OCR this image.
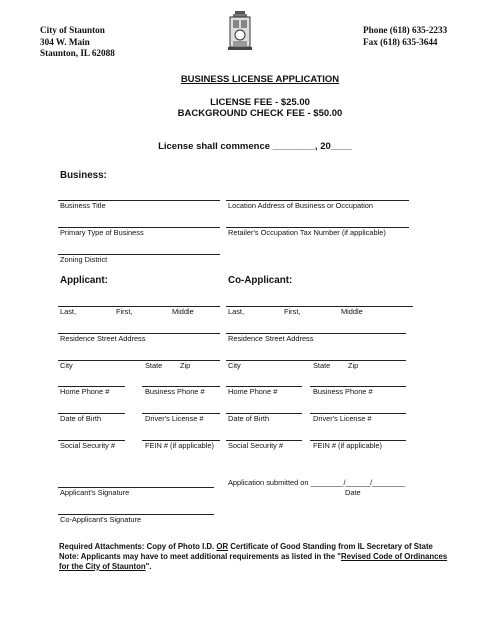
City of Staunton
304 W. Main
Staunton, IL 62088
Phone (618) 635-2233
Fax (618) 635-3644
BUSINESS LICENSE APPLICATION
LICENSE FEE - $25.00
BACKGROUND CHECK FEE - $50.00
License shall commence ________, 20____
Business:
Business Title	Location Address of Business or Occupation
Primary Type of Business	Retailer's Occupation Tax Number (if applicable)
Zoning District
Applicant:	Co-Applicant:
Last,	First,	Middle	Last,	First,	Middle
Residence Street Address	Residence Street Address
City	State Zip	City	State Zip
Home Phone #	Business Phone #	Home Phone #	Business Phone #
Date of Birth	Driver's License #	Date of Birth	Driver's License #
Social Security #	FEIN # (if applicable) Social Security #	FEIN # (if applicable)
Applicant's Signature
Application submitted on ________/______/________
Date
Co-Applicant's Signature
Required Attachments: Copy of Photo I.D. OR Certificate of Good Standing from IL Secretary of State
Note: Applicants may have to meet additional requirements as listed in the "Revised Code of Ordinances for the City of Staunton".
